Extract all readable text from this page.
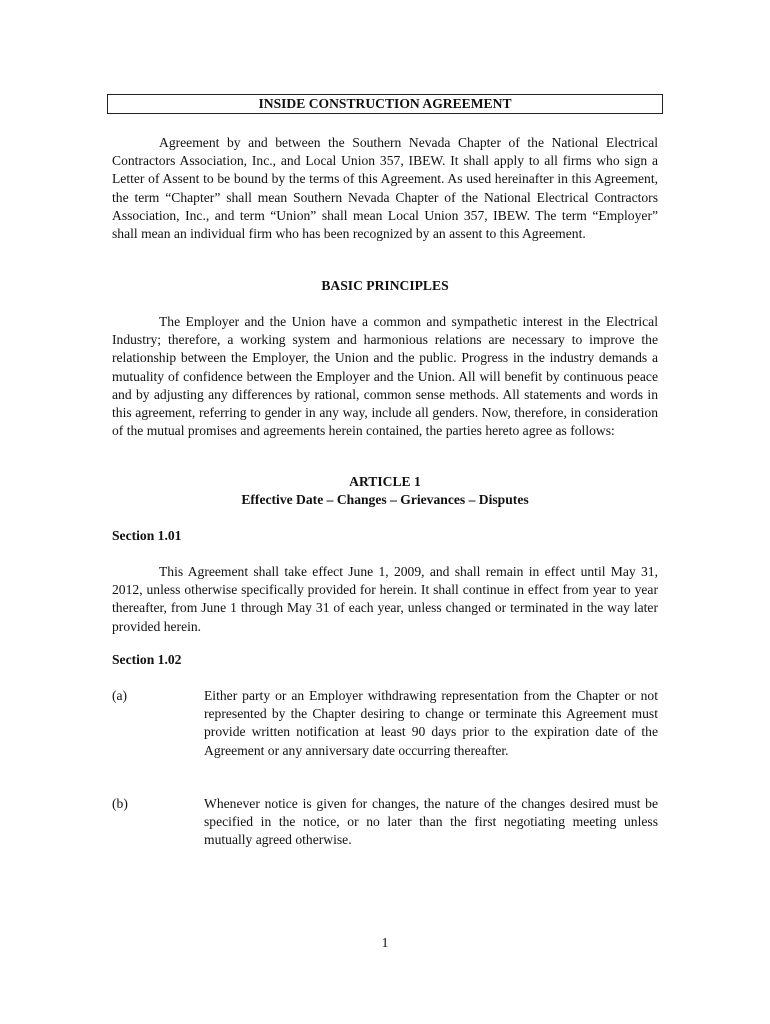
INSIDE CONSTRUCTION AGREEMENT

Agreement by and between the Southern Nevada Chapter of the National Electrical Contractors Association, Inc., and Local Union 357, IBEW. It shall apply to all firms who sign a Letter of Assent to be bound by the terms of this Agreement. As used hereinafter in this Agreement, the term “Chapter” shall mean Southern Nevada Chapter of the National Electrical Contractors Association, Inc., and term “Union” shall mean Local Union 357, IBEW. The term “Employer” shall mean an individual firm who has been recognized by an assent to this Agreement.

BASIC PRINCIPLES

The Employer and the Union have a common and sympathetic interest in the Electrical Industry; therefore, a working system and harmonious relations are necessary to improve the relationship between the Employer, the Union and the public. Progress in the industry demands a mutuality of confidence between the Employer and the Union. All will benefit by continuous peace and by adjusting any differences by rational, common sense methods. All statements and words in this agreement, referring to gender in any way, include all genders. Now, therefore, in consideration of the mutual promises and agreements herein contained, the parties hereto agree as follows:

ARTICLE 1

Effective Date – Changes – Grievances – Disputes

Section 1.01

This Agreement shall take effect June 1, 2009, and shall remain in effect until May 31, 2012, unless otherwise specifically provided for herein. It shall continue in effect from year to year thereafter, from June 1 through May 31 of each year, unless changed or terminated in the way later provided herein.

Section 1.02

(a)	Either party or an Employer withdrawing representation from the Chapter or not represented by the Chapter desiring to change or terminate this Agreement must provide written notification at least 90 days prior to the expiration date of the Agreement or any anniversary date occurring thereafter.

(b)	Whenever notice is given for changes, the nature of the changes desired must be specified in the notice, or no later than the first negotiating meeting unless mutually agreed otherwise.

1
